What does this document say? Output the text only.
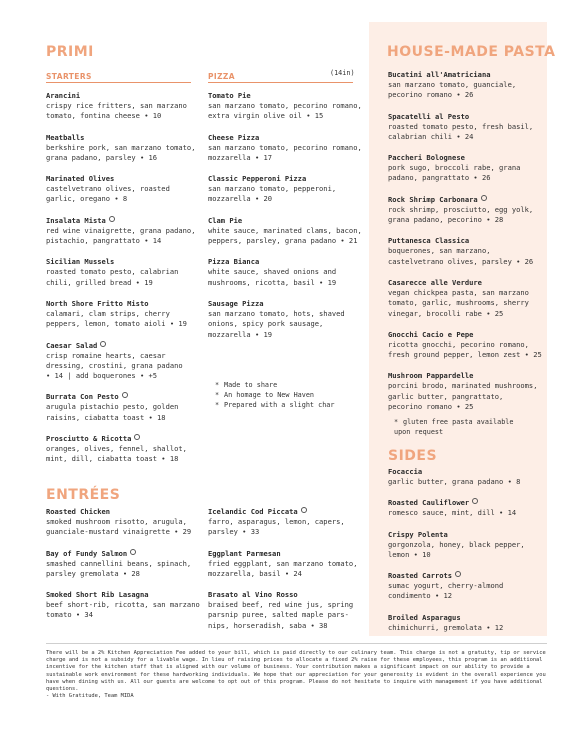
PRIMI
STARTERS	PIZZA	(14in)
HOUSE-MADE PASTA
Arancini
crispy rice fritters, san marzano
tomato, fontina cheese • 10
Meatballs
berkshire pork, san marzano tomato,
grana padano, parsley • 16
Marinated Olives
castelvetrano olives, roasted
garlic, oregano • 8
Insalata Mista
red wine vinaigrette, grana padano,
pistachio, pangrattato • 14
Sicilian Mussels
roasted tomato pesto, calabrian
chili, grilled bread • 19
North Shore Fritto Misto
calamari, clam strips, cherry
peppers, lemon, tomato aioli • 19
Caesar Salad
crisp romaine hearts, caesar
dressing, crostini, grana padano
• 14 | add boquerones • +5
Burrata Con Pesto
arugula pistachio pesto, golden
raisins, ciabatta toast • 18
Prosciutto & Ricotta
oranges, olives, fennel, shallot,
mint, dill, ciabatta toast • 18
Tomato Pie
san marzano tomato, pecorino romano,
extra virgin olive oil • 15
Cheese Pizza
san marzano tomato, pecorino romano,
mozzarella • 17
Classic Pepperoni Pizza
san marzano tomato, pepperoni,
mozzarella • 20
Clam Pie
white sauce, marinated clams, bacon,
peppers, parsley, grana padano • 21
Pizza Bianca
white sauce, shaved onions and
mushrooms, ricotta, basil • 19
Sausage Pizza
san marzano tomato, hots, shaved
onions, spicy pork sausage,
mozzarella • 19
* Made to share
* An homage to New Haven
* Prepared with a slight char
Bucatini all'Amatriciana
san marzano tomato, guanciale,
pecorino romano • 26
Spacatelli al Pesto
roasted tomato pesto, fresh basil,
calabrian chili • 24
Paccheri Bolognese
pork sugo, broccoli rabe, grana
padano, pangrattato • 26
Rock Shrimp Carbonara
rock shrimp, prosciutto, egg yolk,
grana padano, pecorino • 28
Puttanesca Classica
boquerones, san marzano,
castelvetrano olives, parsley • 26
Casarecce alle Verdure
vegan chickpea pasta, san marzano
tomato, garlic, mushrooms, sherry
vinegar, brocolli rabe • 25
Gnocchi Cacio e Pepe
ricotta gnocchi, pecorino romano,
fresh ground pepper, lemon zest • 25
Mushroom Pappardelle
porcini brodo, marinated mushrooms,
garlic butter, pangrattato,
pecorino romano • 25
* gluten free pasta available
upon request
SIDES
Focaccia
garlic butter, grana padano • 8
Roasted Cauliflower
romesco sauce, mint, dill • 14
Crispy Polenta
gorgonzola, honey, black pepper,
lemon • 10
Roasted Carrots
sumac yogurt, cherry-almond
condimento • 12
Broiled Asparagus
chimichurri, gremolata • 12
ENTRÉES
Roasted Chicken
smoked mushroom risotto, arugula,
guanciale-mustard vinaigrette • 29
Bay of Fundy Salmon
smashed cannellini beans, spinach,
parsley gremolata • 28
Smoked Short Rib Lasagna
beef short-rib, ricotta, san marzano
tomato • 34
Icelandic Cod Piccata
farro, asparagus, lemon, capers,
parsley • 33
Eggplant Parmesan
fried eggplant, san marzano tomato,
mozzarella, basil • 24
Brasato al Vino Rosso
braised beef, red wine jus, spring
parsnip puree, salted maple pars-
nips, horseradish, saba • 38
There will be a 2% Kitchen Appreciation Fee added to your bill, which is paid directly to our culinary team. This charge is not a gratuity, tip or service charge and is not a subsidy for a livable wage. In lieu of raising prices to allocate a fixed 2% raise for these employees, this program is an additional incentive for the kitchen staff that is aligned with our volume of business. Your contribution makes a significant impact on our ability to provide a sustainable work environment for these hardworking individuals. We hope that our appreciation for your generosity is evident in the overall experience you have when dining with us. All our guests are welcome to opt out of this program. Please do not hesitate to inquire with management if you have additional questions.
- With Gratitude, Team MIDA
